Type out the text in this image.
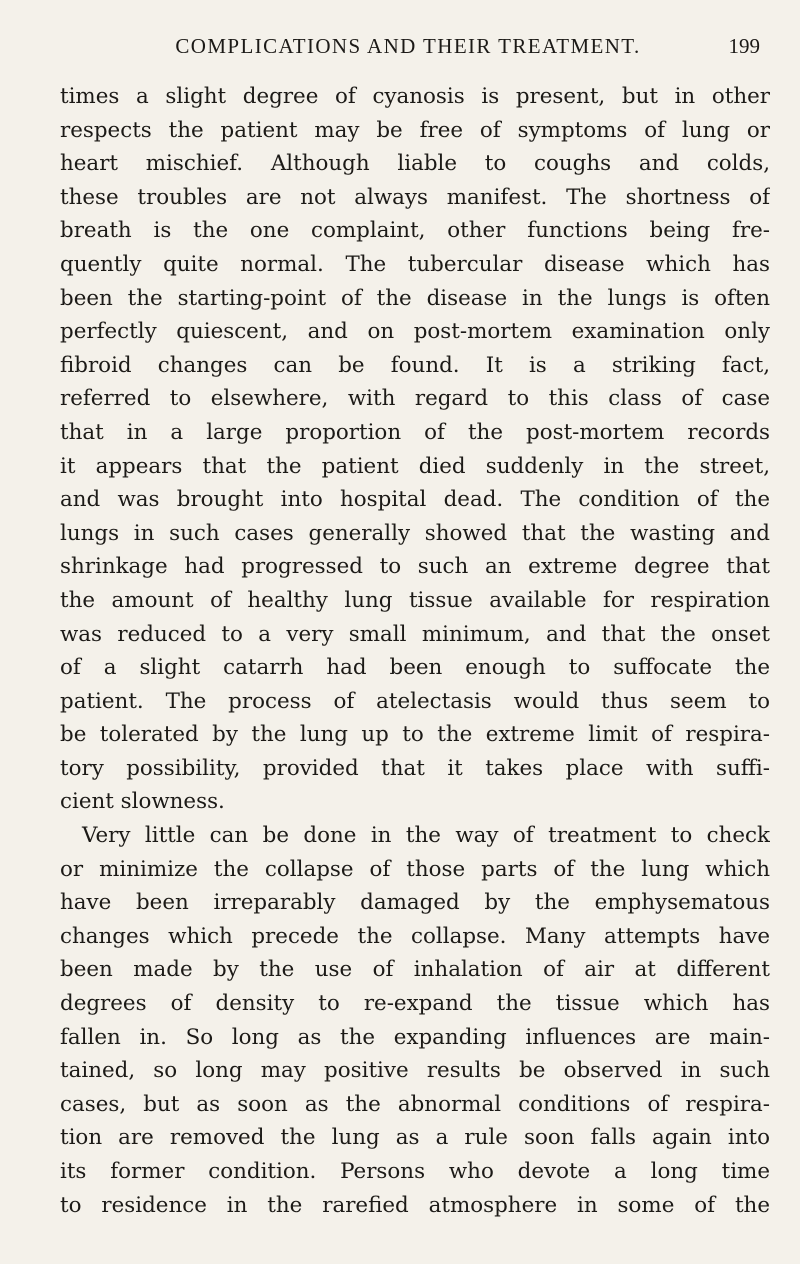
COMPLICATIONS AND THEIR TREATMENT.	199
times a slight degree of cyanosis is present, but in other
respects the patient may be free of symptoms of lung or
heart mischief. Although liable to coughs and colds,
these troubles are not always manifest. The shortness of
breath is the one complaint, other functions being fre-
quently quite normal. The tubercular disease which has
been the starting-point of the disease in the lungs is often
perfectly quiescent, and on post-mortem examination only
fibroid changes can be found. It is a striking fact,
referred to elsewhere, with regard to this class of case
that in a large proportion of the post-mortem records
it appears that the patient died suddenly in the street,
and was brought into hospital dead. The condition of the
lungs in such cases generally showed that the wasting and
shrinkage had progressed to such an extreme degree that
the amount of healthy lung tissue available for respiration
was reduced to a very small minimum, and that the onset
of a slight catarrh had been enough to suffocate the
patient. The process of atelectasis would thus seem to
be tolerated by the lung up to the extreme limit of respira-
tory possibility, provided that it takes place with suffi-
cient slowness.
Very little can be done in the way of treatment to check
or minimize the collapse of those parts of the lung which
have been irreparably damaged by the emphysematous
changes which precede the collapse. Many attempts have
been made by the use of inhalation of air at different
degrees of density to re-expand the tissue which has
fallen in. So long as the expanding influences are main-
tained, so long may positive results be observed in such
cases, but as soon as the abnormal conditions of respira-
tion are removed the lung as a rule soon falls again into
its former condition. Persons who devote a long time
to residence in the rarefied atmosphere in some of the
